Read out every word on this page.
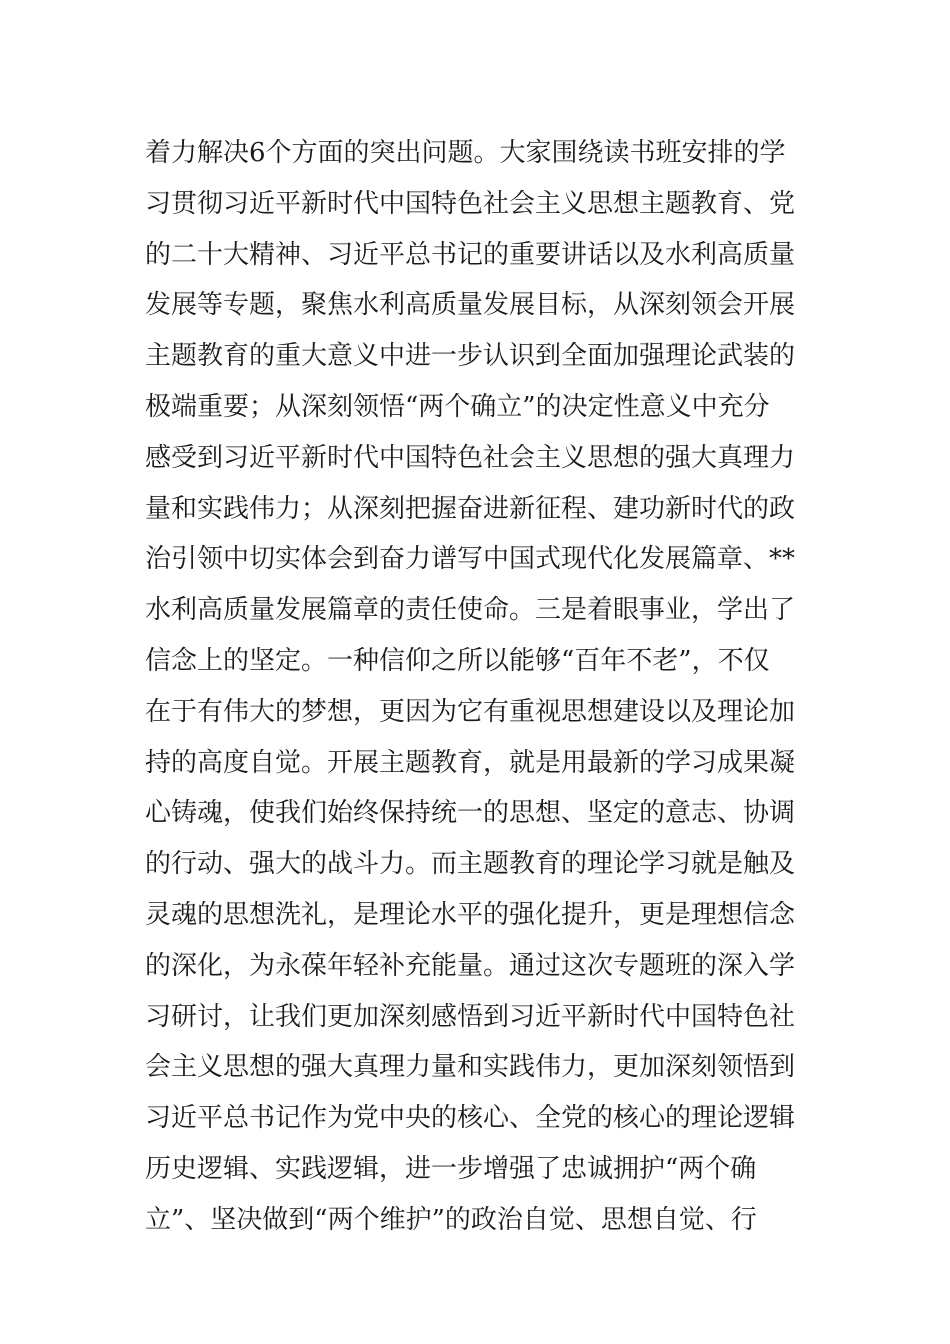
着力解决6个方面的突出问题。大家围绕读书班安排的学
习贯彻习近平新时代中国特色社会主义思想主题教育、党
的二十大精神、习近平总书记的重要讲话以及水利高质量
发展等专题，聚焦水利高质量发展目标，从深刻领会开展
主题教育的重大意义中进一步认识到全面加强理论武装的
极端重要；从深刻领悟“两个确立”的决定性意义中充分
感受到习近平新时代中国特色社会主义思想的强大真理力
量和实践伟力；从深刻把握奋进新征程、建功新时代的政
治引领中切实体会到奋力谱写中国式现代化发展篇章、**
水利高质量发展篇章的责任使命。三是着眼事业，学出了
信念上的坚定。一种信仰之所以能够“百年不老”，不仅
在于有伟大的梦想，更因为它有重视思想建设以及理论加
持的高度自觉。开展主题教育，就是用最新的学习成果凝
心铸魂，使我们始终保持统一的思想、坚定的意志、协调
的行动、强大的战斗力。而主题教育的理论学习就是触及
灵魂的思想洗礼，是理论水平的强化提升，更是理想信念
的深化，为永葆年轻补充能量。通过这次专题班的深入学
习研讨，让我们更加深刻感悟到习近平新时代中国特色社
会主义思想的强大真理力量和实践伟力，更加深刻领悟到
习近平总书记作为党中央的核心、全党的核心的理论逻辑
历史逻辑、实践逻辑，进一步增强了忠诚拥护“两个确
立”、坚决做到“两个维护”的政治自觉、思想自觉、行
